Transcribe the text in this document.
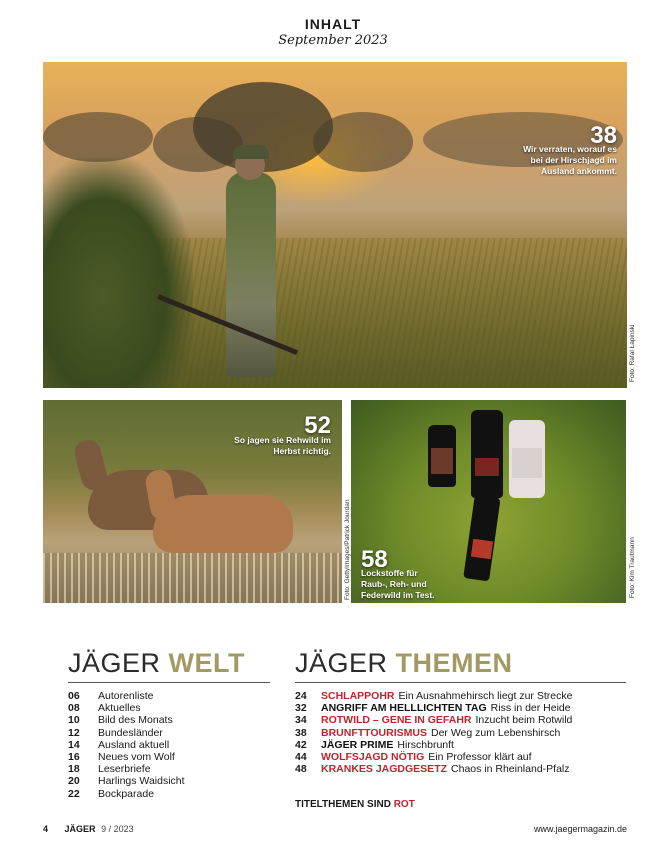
INHALT
September 2023
38
Wir verraten, worauf es
bei der Hirschjagd im
Ausland ankommt.
Foto: Rafal Łapinski
52
So jagen sie Rehwild im
Herbst richtig.
Foto: GettyImages/Patrick Jourdan 58
Lockstoffe für
Raub-, Reh- und
Federwild im Test.	Foto: Kim Trautmann
JÄGER WELT
06	Autorenliste
08	Aktuelles
10	Bild des Monats
12	Bundesländer
14	Ausland aktuell
16	Neues vom Wolf
18	Leserbriefe
20	Harlings Waidsicht
22	Bockparade
JÄGER THEMEN
24	SCHLAPPOHR Ein Ausnahmehirsch liegt zur Strecke
32	ANGRIFF AM HELLLICHTEN TAG Riss in der Heide
34	ROTWILD – GENE IN GEFAHR Inzucht beim Rotwild
38	BRUNFTTOURISMUS Der Weg zum Lebenshirsch
42	JÄGER PRIME Hirschbrunft
44	WOLFSJAGD NÖTIG Ein Professor klärt auf
48	KRANKES JAGDGESETZ Chaos in Rheinland-Pfalz
TITELTHEMEN SIND ROT
4 JÄGER 9 / 2023	www.jaegermagazin.de
